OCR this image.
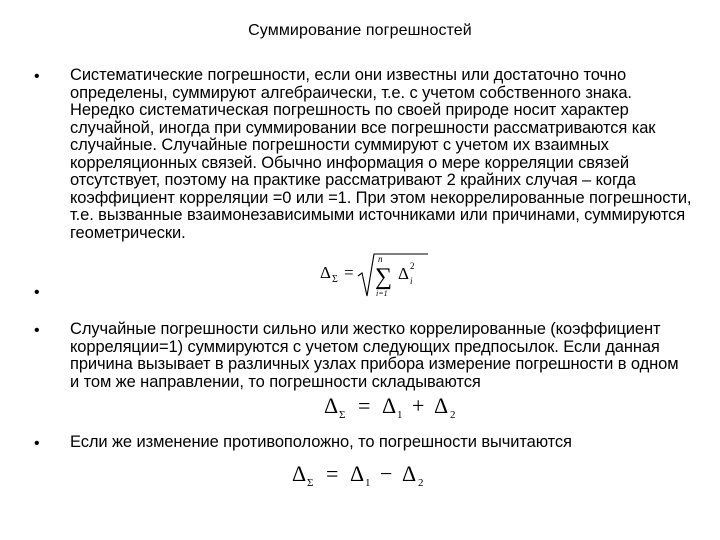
Суммирование погрешностей
• Систематические погрешности, если они известны или достаточно точно определены, суммируют алгебраически, т.е. с учетом собственного знака. Нередко систематическая погрешность по своей природе носит характер случайной, иногда при суммировании все погрешности рассматриваются как случайные. Случайные погрешности суммируют с учетом их взаимных корреляционных связей. Обычно информация о мере корреляции связей отсутствует, поэтому на практике рассматривают 2 крайних случая – когда коэффициент корреляции =0 или =1. При этом некоррелированные погрешности, т.е. вызванные взаимонезависимыми источниками или причинами, суммируются геометрически.
•
Δ Σ =
n
∑
i=1
Δ i
2
• Случайные погрешности сильно или жестко коррелированные (коэффициент корреляции=1) суммируются с учетом следующих предпосылок. Если данная причина вызывает в различных узлах прибора измерение погрешности в одном и том же направлении, то погрешности складываются
Δ Σ = Δ 1 + Δ 2
• Если же изменение противоположно, то погрешности вычитаются
Δ Σ = Δ 1 − Δ 2
